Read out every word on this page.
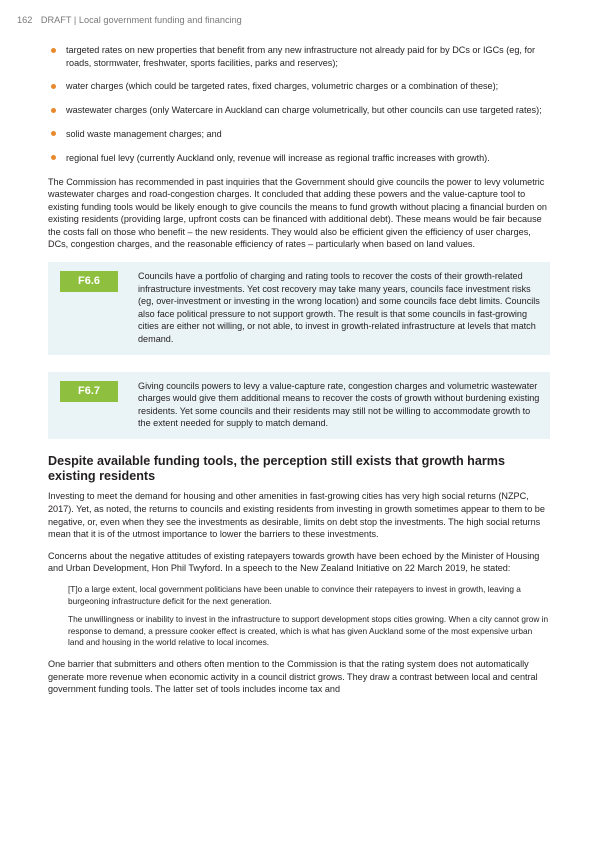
162 DRAFT | Local government funding and financing
targeted rates on new properties that benefit from any new infrastructure not already paid for by DCs or IGCs (eg, for roads, stormwater, freshwater, sports facilities, parks and reserves);
water charges (which could be targeted rates, fixed charges, volumetric charges or a combination of these);
wastewater charges (only Watercare in Auckland can charge volumetrically, but other councils can use targeted rates);
solid waste management charges; and
regional fuel levy (currently Auckland only, revenue will increase as regional traffic increases with growth).

The Commission has recommended in past inquiries that the Government should give councils the power to levy volumetric wastewater charges and road-congestion charges. It concluded that adding these powers and the value-capture tool to existing funding tools would be likely enough to give councils the means to fund growth without placing a financial burden on existing residents (providing large, upfront costs can be financed with additional debt). These means would be fair because the costs fall on those who benefit – the new residents. They would also be efficient given the efficiency of user charges, DCs, congestion charges, and the reasonable efficiency of rates – particularly when based on land values.

F6.6	Councils have a portfolio of charging and rating tools to recover the costs of their growth-related infrastructure investments. Yet cost recovery may take many years, councils face investment risks (eg, over-investment or investing in the wrong location) and some councils face debt limits. Councils also face political pressure to not support growth. The result is that some councils in fast-growing cities are either not willing, or not able, to invest in growth-related infrastructure at levels that match demand.
F6.7	Giving councils powers to levy a value-capture rate, congestion charges and volumetric wastewater charges would give them additional means to recover the costs of growth without burdening existing residents. Yet some councils and their residents may still not be willing to accommodate growth to the extent needed for supply to match demand.
Despite available funding tools, the perception still exists that growth harms existing residents

Investing to meet the demand for housing and other amenities in fast-growing cities has very high social returns (NZPC, 2017). Yet, as noted, the returns to councils and existing residents from investing in growth sometimes appear to them to be negative, or, even when they see the investments as desirable, limits on debt stop the investments. The high social returns mean that it is of the utmost importance to lower the barriers to these investments.

Concerns about the negative attitudes of existing ratepayers towards growth have been echoed by the Minister of Housing and Urban Development, Hon Phil Twyford. In a speech to the New Zealand Initiative on 22 March 2019, he stated:

[T]o a large extent, local government politicians have been unable to convince their ratepayers to invest in growth, leaving a burgeoning infrastructure deficit for the next generation.
The unwillingness or inability to invest in the infrastructure to support development stops cities growing. When a city cannot grow in response to demand, a pressure cooker effect is created, which is what has given Auckland some of the most expensive urban land and housing in the world relative to local incomes.

One barrier that submitters and others often mention to the Commission is that the rating system does not automatically generate more revenue when economic activity in a council district grows. They draw a contrast between local and central government funding tools. The latter set of tools includes income tax and
